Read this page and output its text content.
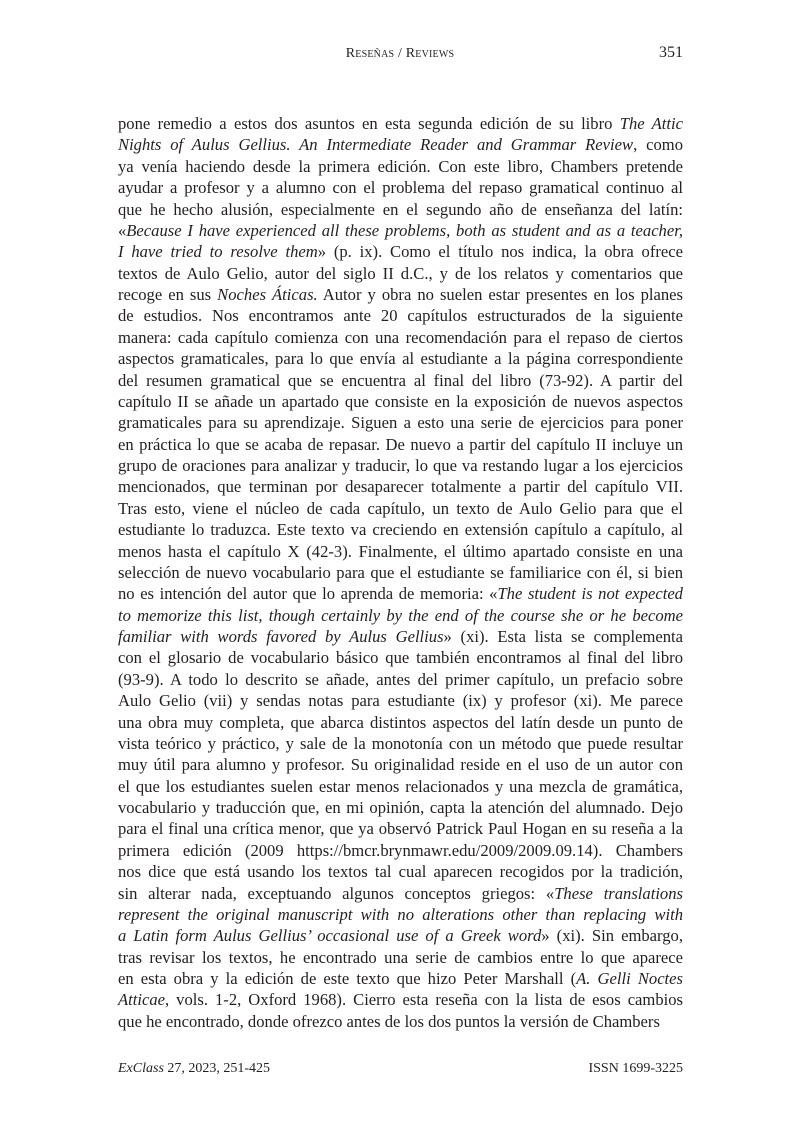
Reseñas / Reviews	351
pone remedio a estos dos asuntos en esta segunda edición de su libro The Attic
Nights of Aulus Gellius. An Intermediate Reader and Grammar Review, como
ya venía haciendo desde la primera edición. Con este libro, Chambers pretende
ayudar a profesor y a alumno con el problema del repaso gramatical continuo al
que he hecho alusión, especialmente en el segundo año de enseñanza del latín:
«Because I have experienced all these problems, both as student and as a teacher,
I have tried to resolve them» (p. ix). Como el título nos indica, la obra ofrece
textos de Aulo Gelio, autor del siglo II d.C., y de los relatos y comentarios que
recoge en sus Noches Áticas. Autor y obra no suelen estar presentes en los planes
de estudios. Nos encontramos ante 20 capítulos estructurados de la siguiente
manera: cada capítulo comienza con una recomendación para el repaso de ciertos
aspectos gramaticales, para lo que envía al estudiante a la página correspondiente
del resumen gramatical que se encuentra al final del libro (73-92). A partir del
capítulo II se añade un apartado que consiste en la exposición de nuevos aspectos
gramaticales para su aprendizaje. Siguen a esto una serie de ejercicios para poner
en práctica lo que se acaba de repasar. De nuevo a partir del capítulo II incluye un
grupo de oraciones para analizar y traducir, lo que va restando lugar a los ejercicios
mencionados, que terminan por desaparecer totalmente a partir del capítulo VII.
Tras esto, viene el núcleo de cada capítulo, un texto de Aulo Gelio para que el
estudiante lo traduzca. Este texto va creciendo en extensión capítulo a capítulo, al
menos hasta el capítulo X (42-3). Finalmente, el último apartado consiste en una
selección de nuevo vocabulario para que el estudiante se familiarice con él, si bien
no es intención del autor que lo aprenda de memoria: «The student is not expected
to memorize this list, though certainly by the end of the course she or he become
familiar with words favored by Aulus Gellius» (xi). Esta lista se complementa
con el glosario de vocabulario básico que también encontramos al final del libro
(93-9). A todo lo descrito se añade, antes del primer capítulo, un prefacio sobre
Aulo Gelio (vii) y sendas notas para estudiante (ix) y profesor (xi). Me parece
una obra muy completa, que abarca distintos aspectos del latín desde un punto de
vista teórico y práctico, y sale de la monotonía con un método que puede resultar
muy útil para alumno y profesor. Su originalidad reside en el uso de un autor con
el que los estudiantes suelen estar menos relacionados y una mezcla de gramática,
vocabulario y traducción que, en mi opinión, capta la atención del alumnado. Dejo
para el final una crítica menor, que ya observó Patrick Paul Hogan en su reseña a la
primera edición (2009 https://bmcr.brynmawr.edu/2009/2009.09.14). Chambers
nos dice que está usando los textos tal cual aparecen recogidos por la tradición,
sin alterar nada, exceptuando algunos conceptos griegos: «These translations
represent the original manuscript with no alterations other than replacing with
a Latin form Aulus Gellius’ occasional use of a Greek word» (xi). Sin embargo,
tras revisar los textos, he encontrado una serie de cambios entre lo que aparece
en esta obra y la edición de este texto que hizo Peter Marshall (A. Gelli Noctes
Atticae, vols. 1-2, Oxford 1968). Cierro esta reseña con la lista de esos cambios
que he encontrado, donde ofrezco antes de los dos puntos la versión de Chambers
ExClass 27, 2023, 251-425	ISSN 1699-3225
